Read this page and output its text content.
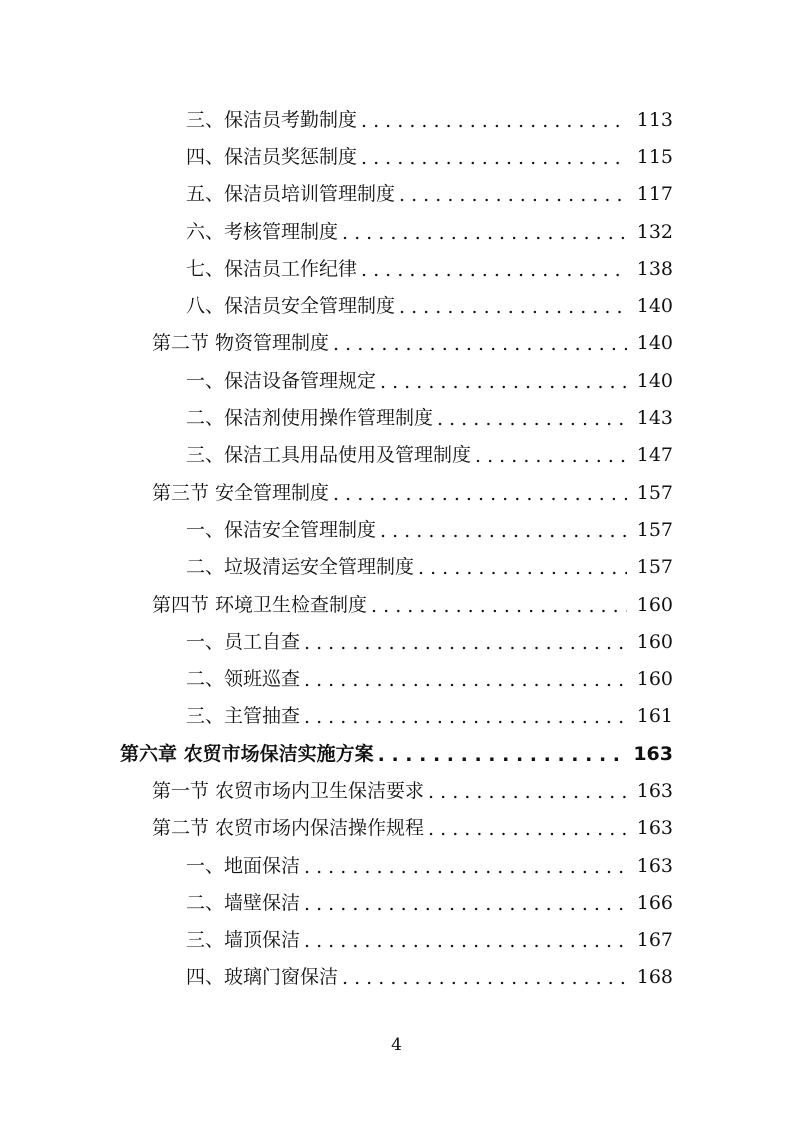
三、保洁员考勤制度 . . .	113
四、保洁员奖惩制度 . . .	115
五、保洁员培训管理制度 . . .	117
六、考核管理制度 . . .	132
七、保洁员工作纪律 . . .	138
八、保洁员安全管理制度 . . .	140
第二节 物资管理制度 . . .	140
一、保洁设备管理规定 . . .	140
二、保洁剂使用操作管理制度 . . .	143
三、保洁工具用品使用及管理制度 . . .	147
第三节 安全管理制度 . . .	157
一、保洁安全管理制度 . . .	157
二、垃圾清运安全管理制度 . . .	157
第四节 环境卫生检查制度 . . .	160
一、员工自查 . . .	160
二、领班巡查 . . .	160
三、主管抽查 . . .	161
第六章 农贸市场保洁实施方案 . . .	163
第一节 农贸市场内卫生保洁要求 . . .	163
第二节 农贸市场内保洁操作规程 . . .	163
一、地面保洁 . . .	163
二、墙壁保洁 . . .	166
三、墙顶保洁 . . .	167
四、玻璃门窗保洁 . . .	168
4
